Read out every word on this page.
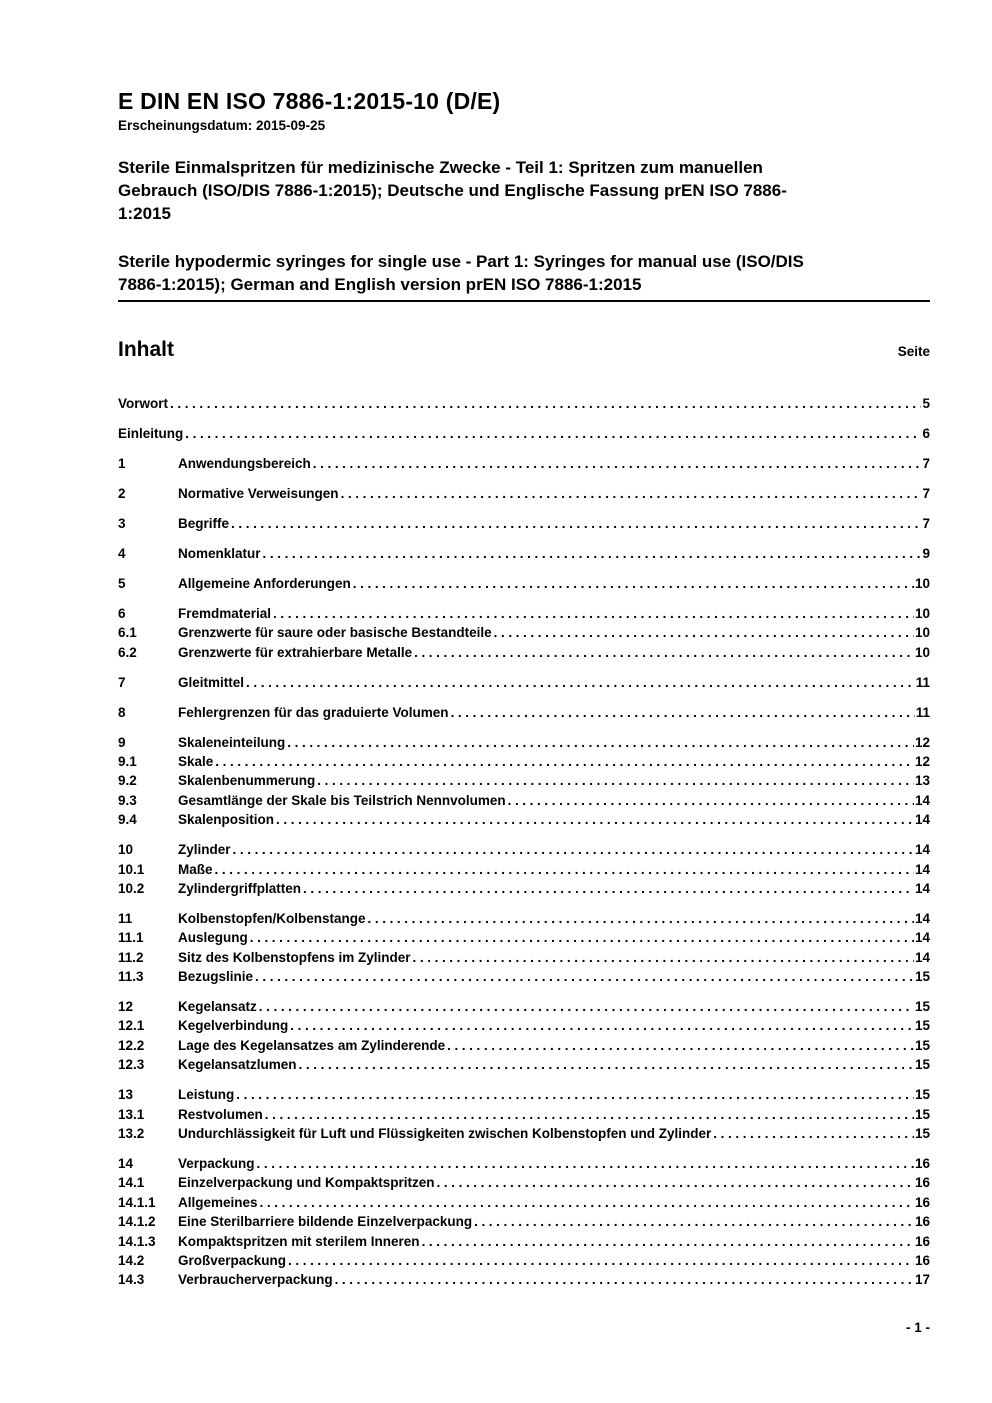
E DIN EN ISO 7886-1:2015-10 (D/E)
Erscheinungsdatum: 2015-09-25
Sterile Einmalspritzen für medizinische Zwecke - Teil 1: Spritzen zum manuellen
Gebrauch (ISO/DIS 7886-1:2015); Deutsche und Englische Fassung prEN ISO 7886-
1:2015
Sterile hypodermic syringes for single use - Part 1: Syringes for manual use (ISO/DIS
7886-1:2015); German and English version prEN ISO 7886-1:2015
Inhalt	Seite
Vorwort .....	5
Einleitung .....	6
1	Anwendungsbereich .....	7
2	Normative Verweisungen .....	7
3	Begriffe .....	7
4	Nomenklatur .....	9
5	Allgemeine Anforderungen .....	10
6	Fremdmaterial .....	10
6.1	Grenzwerte für saure oder basische Bestandteile .....	10
6.2	Grenzwerte für extrahierbare Metalle .....	10
7	Gleitmittel .....	11
8	Fehlergrenzen für das graduierte Volumen .....	11
9	Skaleneinteilung .....	12
9.1	Skale .....	12
9.2	Skalenbenummerung .....	13
9.3	Gesamtlänge der Skale bis Teilstrich Nennvolumen .....	14
9.4	Skalenposition .....	14
10	Zylinder .....	14
10.1	Maße .....	14
10.2	Zylindergriffplatten .....	14
11	Kolbenstopfen/Kolbenstange .....	14
11.1	Auslegung .....	14
11.2	Sitz des Kolbenstopfens im Zylinder .....	14
11.3	Bezugslinie .....	15
12	Kegelansatz .....	15
12.1	Kegelverbindung .....	15
12.2	Lage des Kegelansatzes am Zylinderende .....	15
12.3	Kegelansatzlumen .....	15
13	Leistung .....	15
13.1	Restvolumen .....	15
13.2	Undurchlässigkeit für Luft und Flüssigkeiten zwischen Kolbenstopfen und Zylinder .....	15
14	Verpackung .....	16
14.1	Einzelverpackung und Kompaktspritzen .....	16
14.1.1	Allgemeines .....	16
14.1.2	Eine Sterilbarriere bildende Einzelverpackung .....	16
14.1.3	Kompaktspritzen mit sterilem Inneren .....	16
14.2	Großverpackung .....	16
14.3	Verbraucherverpackung .....	17
- 1 -
